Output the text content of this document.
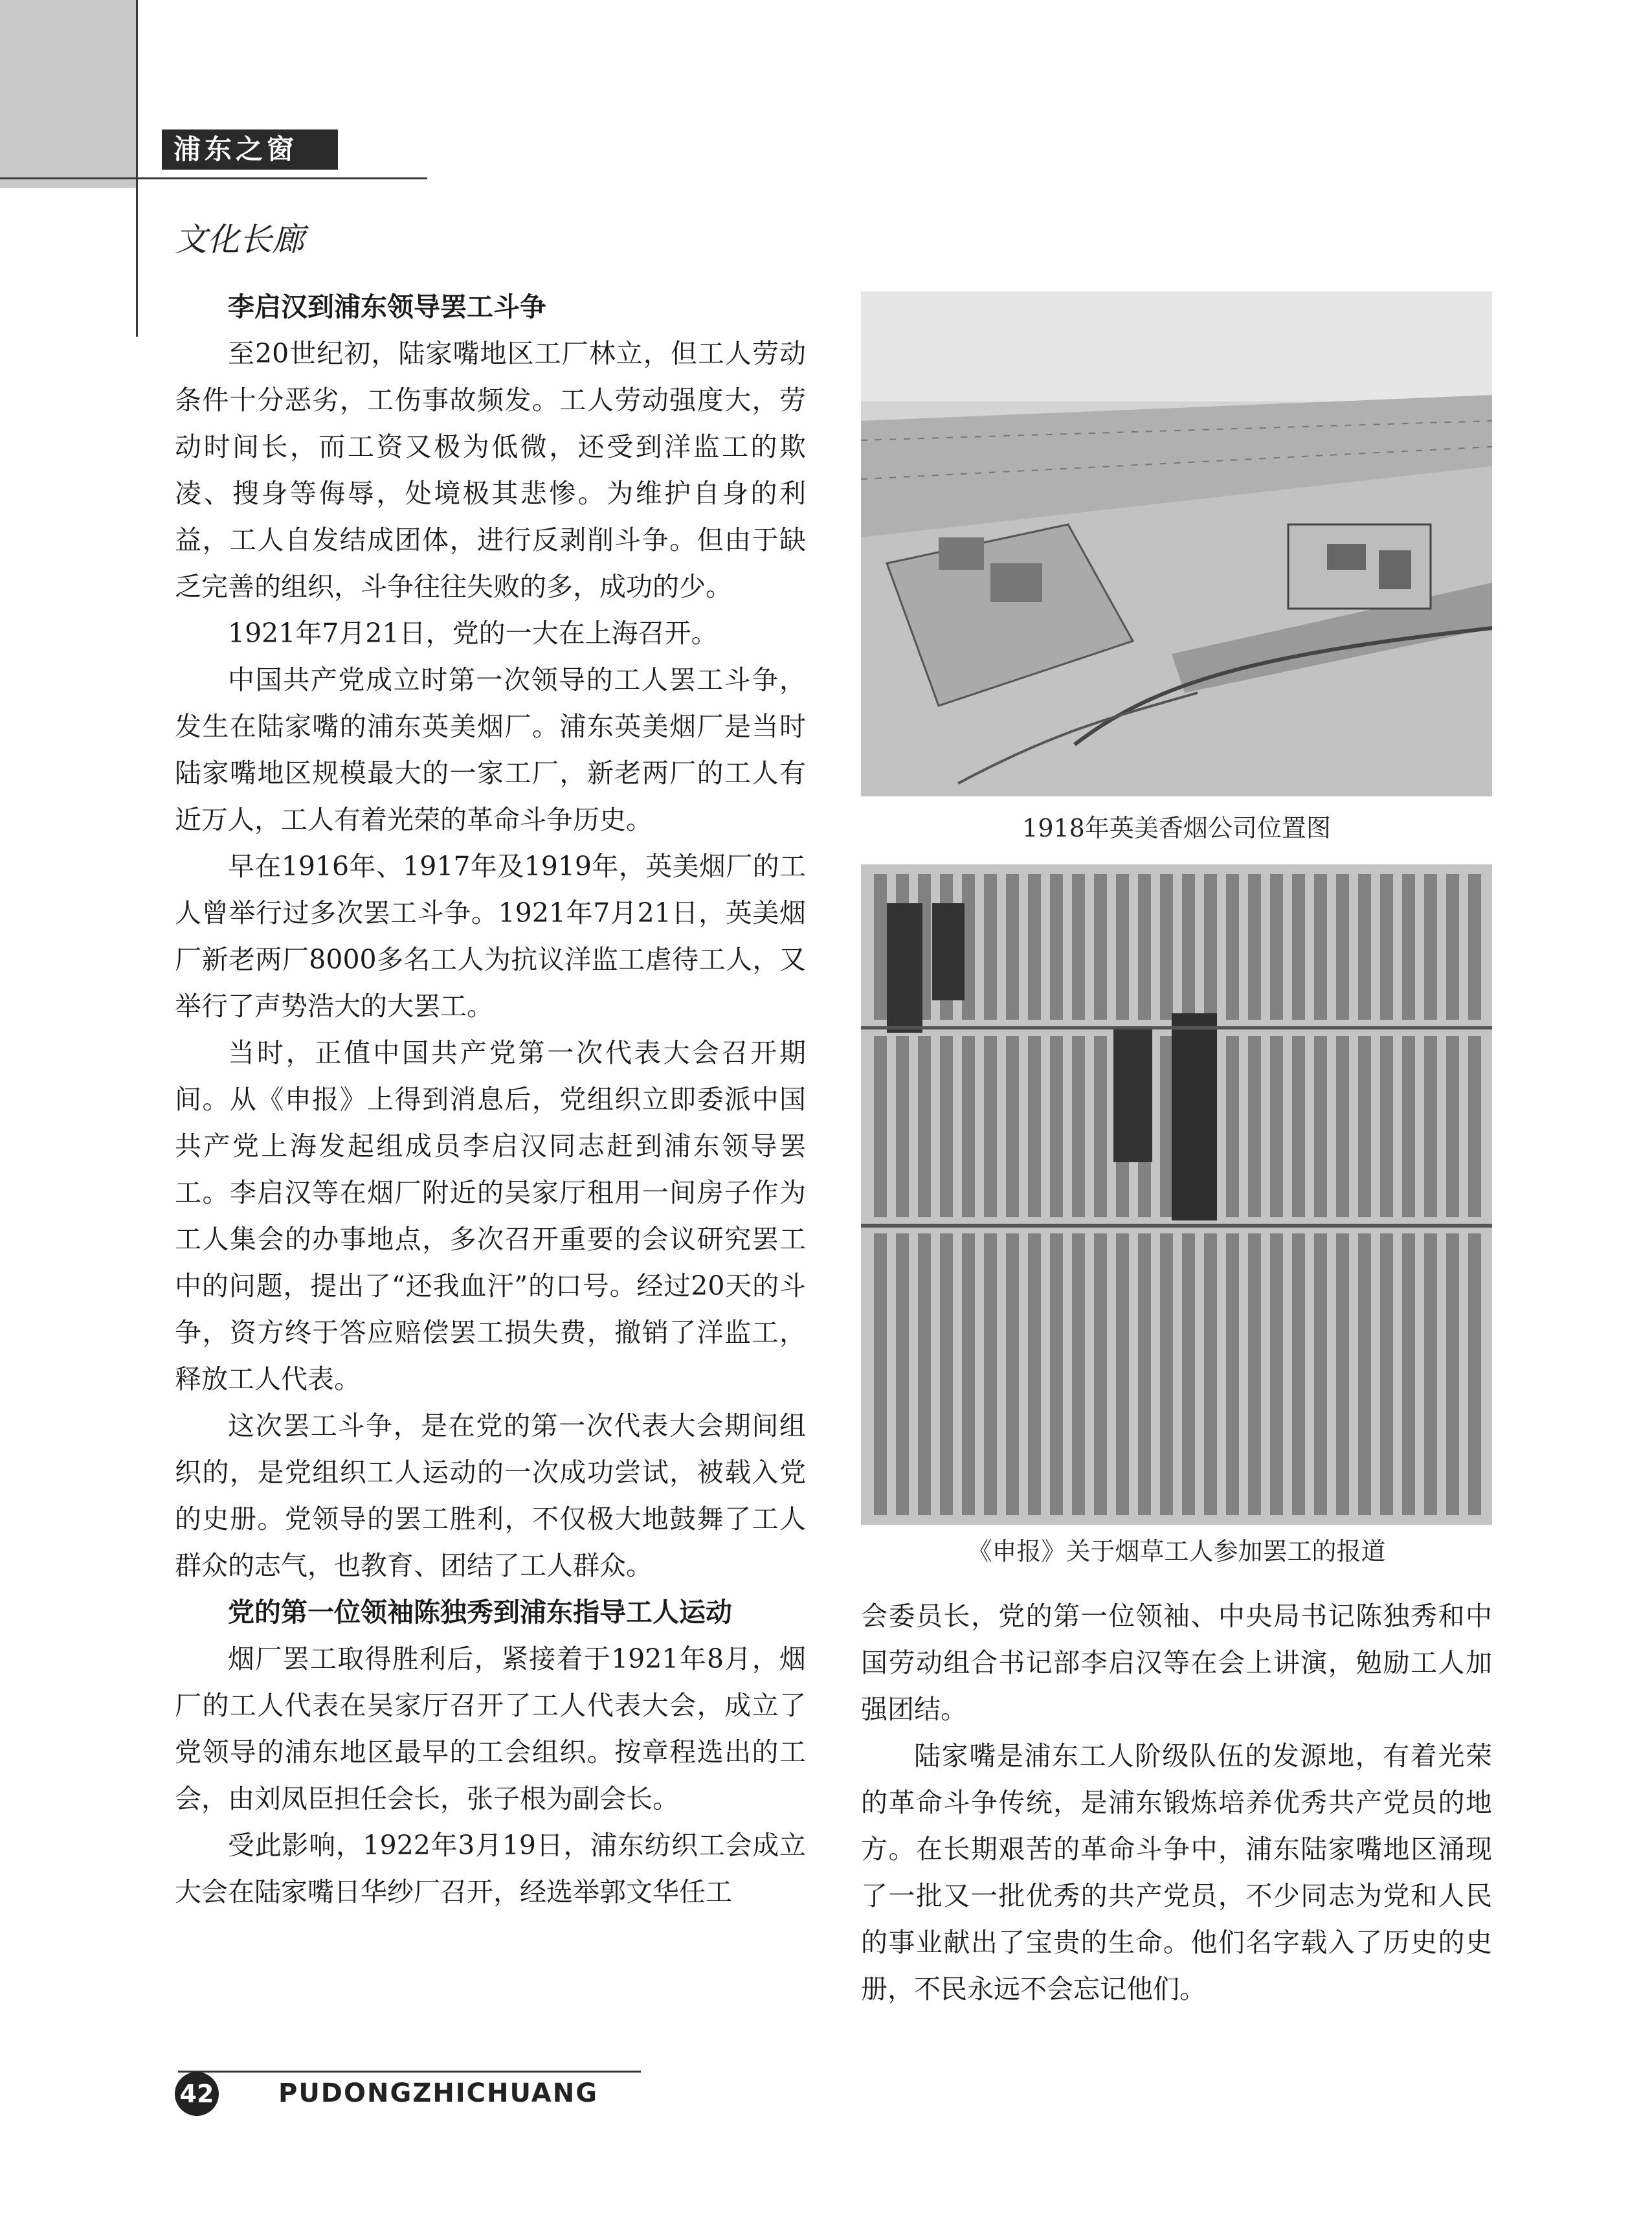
浦东之窗
文化长廊
李启汉到浦东领导罢工斗争

至20世纪初，陆家嘴地区工厂林立，但工人劳动条件十分恶劣，工伤事故频发。工人劳动强度大，劳动时间长，而工资又极为低微，还受到洋监工的欺凌、搜身等侮辱，处境极其悲惨。为维护自身的利益，工人自发结成团体，进行反剥削斗争。但由于缺乏完善的组织，斗争往往失败的多，成功的少。

1921年7月21日，党的一大在上海召开。

中国共产党成立时第一次领导的工人罢工斗争，发生在陆家嘴的浦东英美烟厂。浦东英美烟厂是当时陆家嘴地区规模最大的一家工厂，新老两厂的工人有近万人，工人有着光荣的革命斗争历史。

早在1916年、1917年及1919年，英美烟厂的工人曾举行过多次罢工斗争。1921年7月21日，英美烟厂新老两厂8000多名工人为抗议洋监工虐待工人，又举行了声势浩大的大罢工。

当时，正值中国共产党第一次代表大会召开期间。从《申报》上得到消息后，党组织立即委派中国共产党上海发起组成员李启汉同志赶到浦东领导罢工。李启汉等在烟厂附近的吴家厅租用一间房子作为工人集会的办事地点，多次召开重要的会议研究罢工中的问题，提出了“还我血汗”的口号。经过20天的斗争，资方终于答应赔偿罢工损失费，撤销了洋监工，释放工人代表。

这次罢工斗争，是在党的第一次代表大会期间组织的，是党组织工人运动的一次成功尝试，被载入党的史册。党领导的罢工胜利，不仅极大地鼓舞了工人群众的志气，也教育、团结了工人群众。

党的第一位领袖陈独秀到浦东指导工人运动

烟厂罢工取得胜利后，紧接着于1921年8月，烟厂的工人代表在吴家厅召开了工人代表大会，成立了党领导的浦东地区最早的工会组织。按章程选出的工会，由刘凤臣担任会长，张子根为副会长。

受此影响，1922年3月19日，浦东纺织工会成立大会在陆家嘴日华纱厂召开，经选举郭文华任工

1918年英美香烟公司位置图
《申报》关于烟草工人参加罢工的报道

会委员长，党的第一位领袖、中央局书记陈独秀和中国劳动组合书记部李启汉等在会上讲演，勉励工人加强团结。

陆家嘴是浦东工人阶级队伍的发源地，有着光荣的革命斗争传统，是浦东锻炼培养优秀共产党员的地方。在长期艰苦的革命斗争中，浦东陆家嘴地区涌现了一批又一批优秀的共产党员，不少同志为党和人民的事业献出了宝贵的生命。他们名字载入了历史的史册，不民永远不会忘记他们。

42 PUDONGZHICHUANG
